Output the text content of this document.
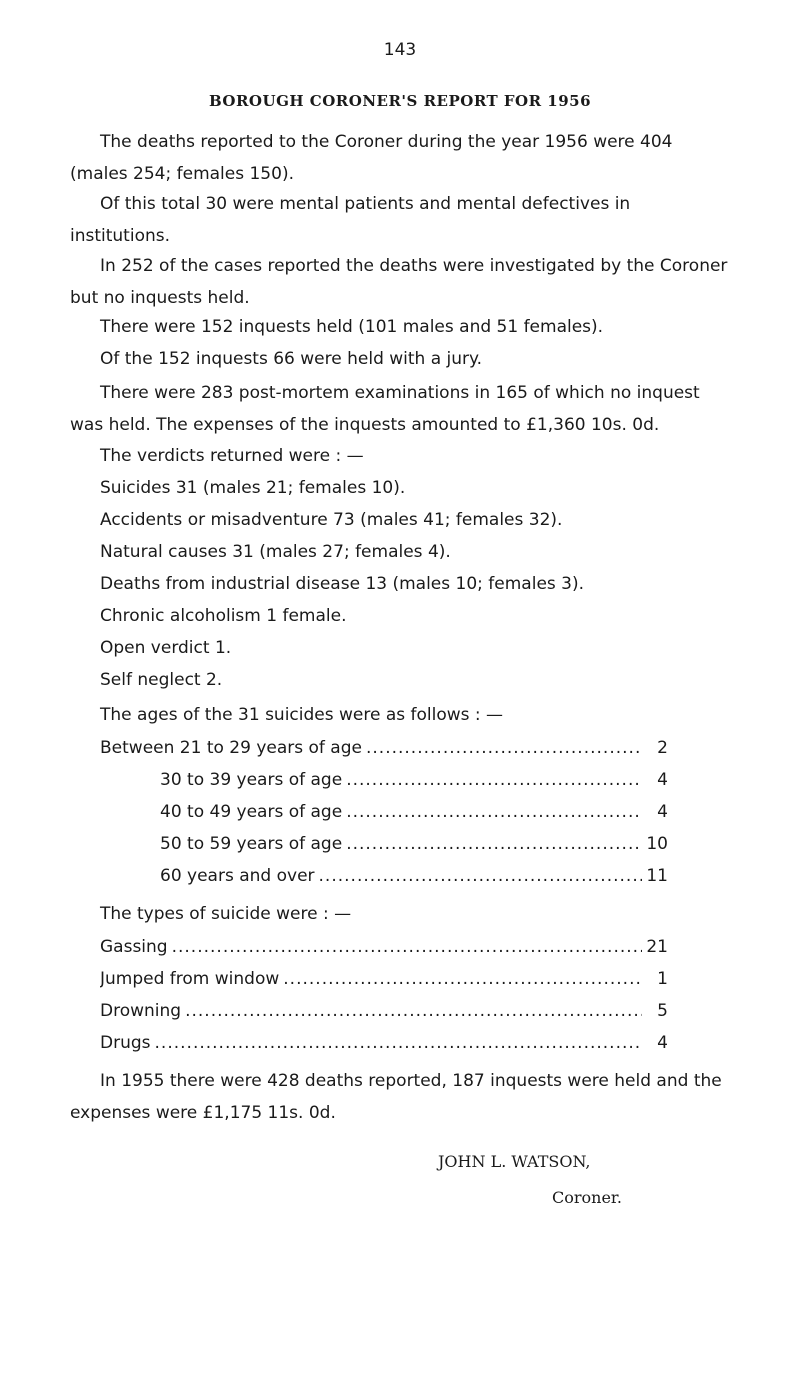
143
BOROUGH CORONER'S REPORT FOR 1956

The deaths reported to the Coroner during the year 1956 were 404 (males 254; females 150).

Of this total 30 were mental patients and mental defectives in institutions.

In 252 of the cases reported the deaths were investigated by the Coroner but no inquests held.

There were 152 inquests held (101 males and 51 females).

Of the 152 inquests 66 were held with a jury.

There were 283 post-mortem examinations in 165 of which no inquest was held. The expenses of the inquests amounted to £1,360 10s. 0d.

The verdicts returned were : —
Suicides 31 (males 21; females 10).
Accidents or misadventure 73 (males 41; females 32).
Natural causes 31 (males 27; females 4).
Deaths from industrial disease 13 (males 10; females 3).
Chronic alcoholism 1 female.
Open verdict 1.
Self neglect 2.
The ages of the 31 suicides were as follows : —
Between 21 to 29 years of age .....	2
30 to 39 years of age .....	4
40 to 49 years of age .....	4
50 to 59 years of age .....	10
60 years and over .....	11
The types of suicide were : —
Gassing .....	21
Jumped from window .....	1
Drowning .....	5
Drugs .....	4

In 1955 there were 428 deaths reported, 187 inquests were held and the expenses were £1,175 11s. 0d.

JOHN L. WATSON,
Coroner.
